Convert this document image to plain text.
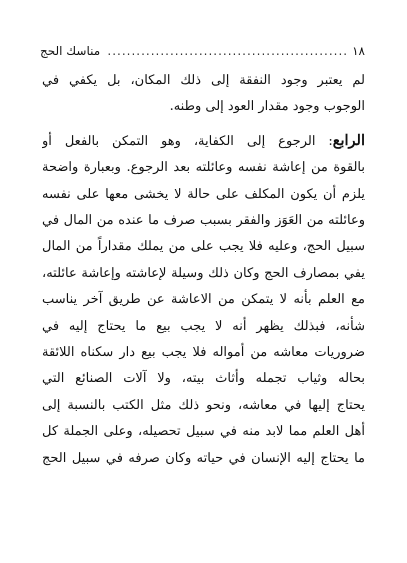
١٨
..................................................
مناسك الحج

لم يعتبر وجود النفقة إلى ذلك المكان، بل يكفي في
الوجوب وجود مقدار العود إلى وطنه.

الرابع: الرجوع إلى الكفاية، وهو التمكن بالفعل أو
بالقوة من إعاشة نفسه وعائلته بعد الرجوع. وبعبارة واضحة
يلزم أن يكون المكلف على حالة لا يخشى معها على نفسه
وعائلته من العَوَز والفقر بسبب صرف ما عنده من المال في
سبيل الحج، وعليه فلا يجب على من يملك مقداراً من المال
يفي بمصارف الحج وكان ذلك وسيلة لإعاشته وإعاشة عائلته،
مع العلم بأنه لا يتمكن من الاعاشة عن طريق آخر يناسب
شأنه، فبذلك يظهر أنه لا يجب بيع ما يحتاج إليه في
ضروريات معاشه من أمواله فلا يجب بيع دار سكناه اللائقة
بحاله وثياب تجمله وأثاث بيته، ولا آلات الصنائع التي
يحتاج إليها في معاشه، ونحو ذلك مثل الكتب بالنسبة إلى
أهل العلم مما لابد منه في سبيل تحصيله، وعلى الجملة كل
ما يحتاج إليه الإنسان في حياته وكان صرفه في سبيل الحج
